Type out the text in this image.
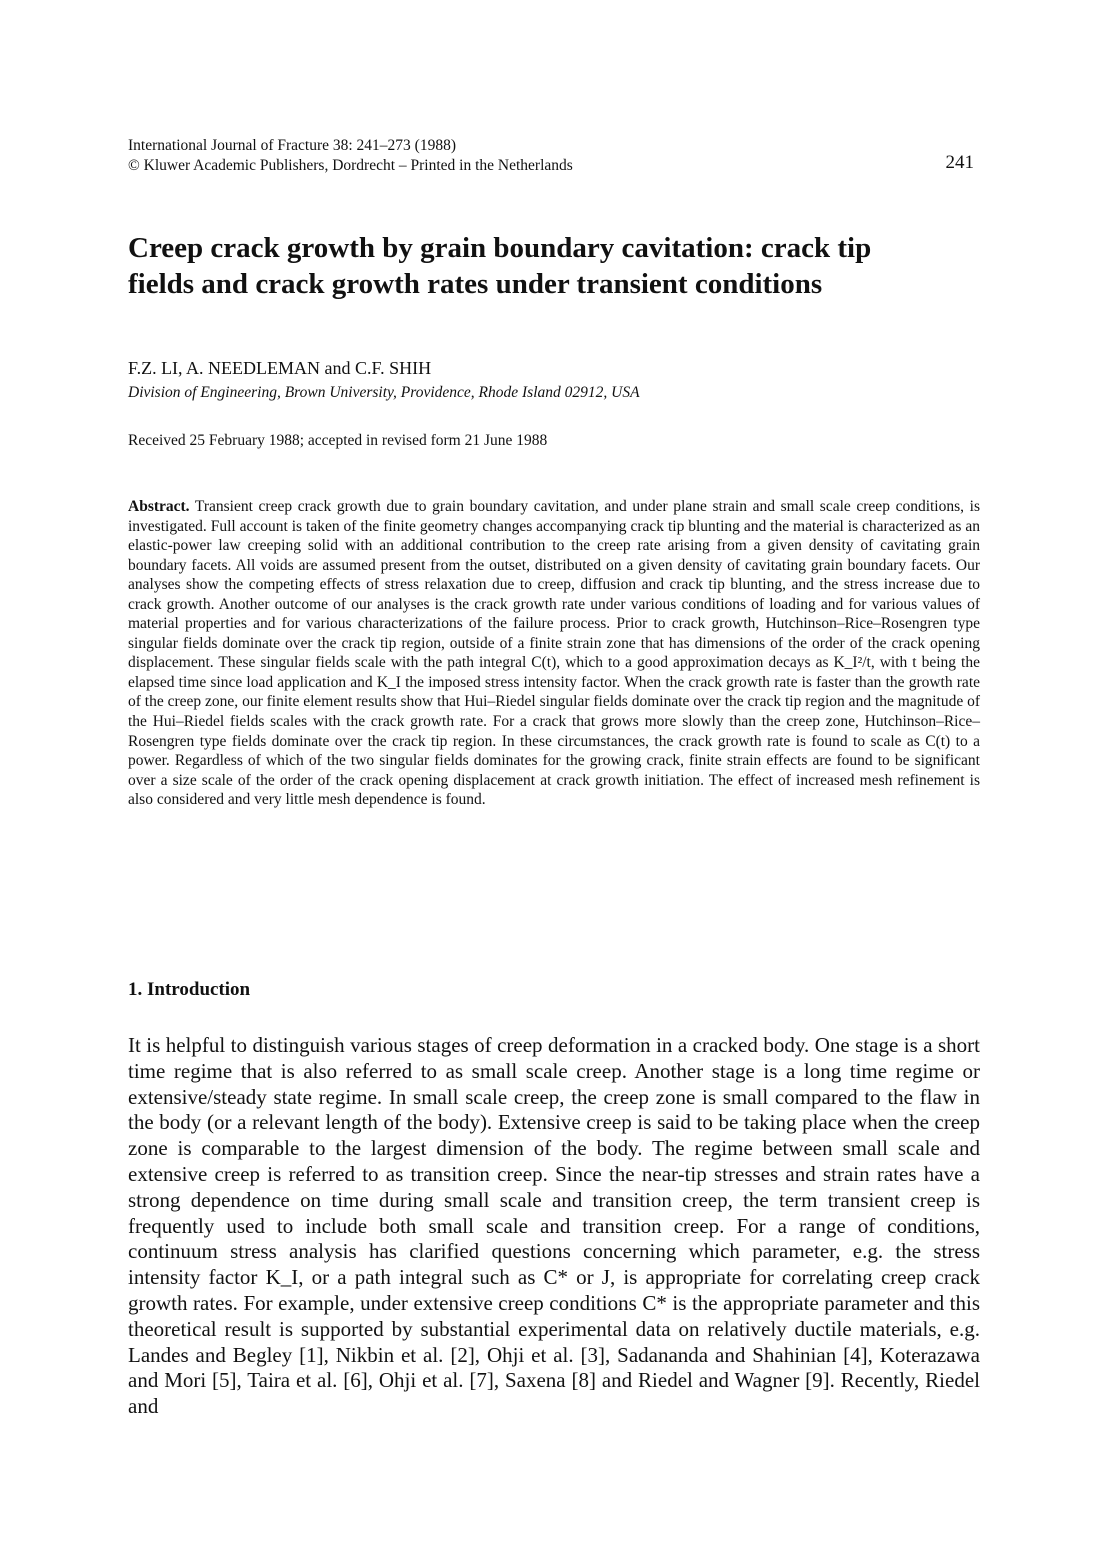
International Journal of Fracture 38: 241–273 (1988)
© Kluwer Academic Publishers, Dordrecht – Printed in the Netherlands	241
Creep crack growth by grain boundary cavitation: crack tip
fields and crack growth rates under transient conditions
F.Z. LI, A. NEEDLEMAN and C.F. SHIH
Division of Engineering, Brown University, Providence, Rhode Island 02912, USA
Received 25 February 1988; accepted in revised form 21 June 1988
Abstract. Transient creep crack growth due to grain boundary cavitation, and under plane strain and small scale creep conditions, is investigated. Full account is taken of the finite geometry changes accompanying crack tip blunting and the material is characterized as an elastic-power law creeping solid with an additional contribution to the creep rate arising from a given density of cavitating grain boundary facets. All voids are assumed present from the outset, distributed on a given density of cavitating grain boundary facets. Our analyses show the competing effects of stress relaxation due to creep, diffusion and crack tip blunting, and the stress increase due to crack growth. Another outcome of our analyses is the crack growth rate under various conditions of loading and for various values of material properties and for various characterizations of the failure process. Prior to crack growth, Hutchinson–Rice–Rosengren type singular fields dominate over the crack tip region, outside of a finite strain zone that has dimensions of the order of the crack opening displacement. These singular fields scale with the path integral C(t), which to a good approximation decays as K_I²/t, with t being the elapsed time since load application and K_I the imposed stress intensity factor. When the crack growth rate is faster than the growth rate of the creep zone, our finite element results show that Hui–Riedel singular fields dominate over the crack tip region and the magnitude of the Hui–Riedel fields scales with the crack growth rate. For a crack that grows more slowly than the creep zone, Hutchinson–Rice–Rosengren type fields dominate over the crack tip region. In these circumstances, the crack growth rate is found to scale as C(t) to a power. Regardless of which of the two singular fields dominates for the growing crack, finite strain effects are found to be significant over a size scale of the order of the crack opening displacement at crack growth initiation. The effect of increased mesh refinement is also considered and very little mesh dependence is found.
1. Introduction
It is helpful to distinguish various stages of creep deformation in a cracked body. One stage is a short time regime that is also referred to as small scale creep. Another stage is a long time regime or extensive/steady state regime. In small scale creep, the creep zone is small compared to the flaw in the body (or a relevant length of the body). Extensive creep is said to be taking place when the creep zone is comparable to the largest dimension of the body. The regime between small scale and extensive creep is referred to as transition creep. Since the near-tip stresses and strain rates have a strong dependence on time during small scale and transition creep, the term transient creep is frequently used to include both small scale and transition creep. For a range of conditions, continuum stress analysis has clarified questions concerning which parameter, e.g. the stress intensity factor K_I, or a path integral such as C* or J, is appropriate for correlating creep crack growth rates. For example, under extensive creep conditions C* is the appropriate parameter and this theoretical result is supported by substantial experimental data on relatively ductile materials, e.g. Landes and Begley [1], Nikbin et al. [2], Ohji et al. [3], Sadananda and Shahinian [4], Koterazawa and Mori [5], Taira et al. [6], Ohji et al. [7], Saxena [8] and Riedel and Wagner [9]. Recently, Riedel and
